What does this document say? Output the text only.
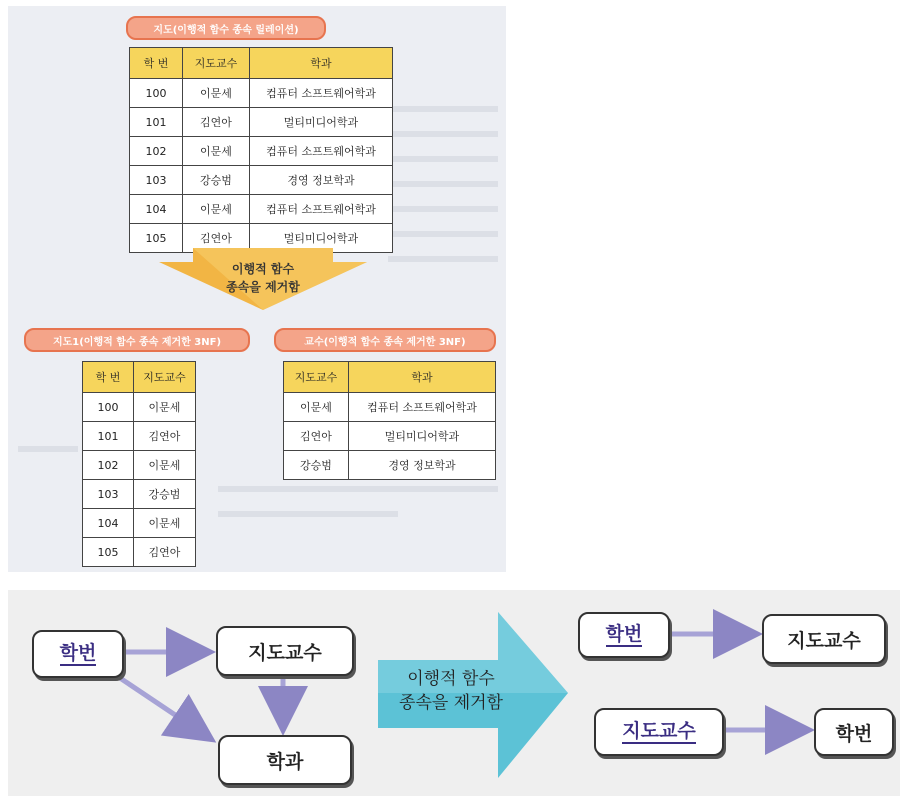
지도(이행적 함수 종속 릴레이션)
학 번	지도교수	학과
100	이문세	컴퓨터 소프트웨어학과
101	김연아	멀티미디어학과
102	이문세	컴퓨터 소프트웨어학과
103	강승범	경영 정보학과
104	이문세	컴퓨터 소프트웨어학과
105	김연아	멀티미디어학과
이행적 함수
종속을 제거함
지도1(이행적 함수 종속 제거한 3NF)
학 번	지도교수
100	이문세
101	김연아
102	이문세
103	강승범
104	이문세
105	김연아
교수(이행적 함수 종속 제거한 3NF)
지도교수	학과
이문세	컴퓨터 소프트웨어학과
김연아	멀티미디어학과
강승범	경영 정보학과
학번	지도교수
학과
이행적 함수
종속을 제거함
학번	지도교수
지도교수	학번
